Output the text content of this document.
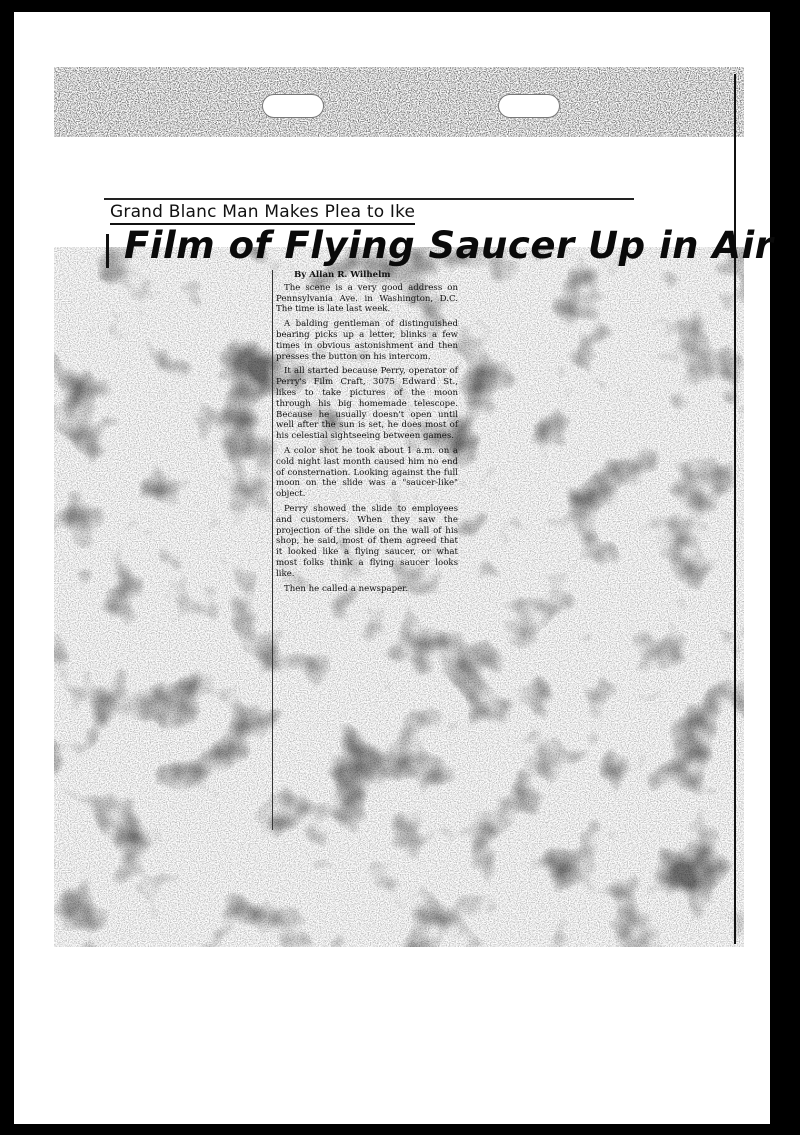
Grand Blanc Man Makes Plea to Ike
Film of Flying Saucer Up in Air

By Allan R. Wilhelm

The scene is a very good address on Pennsylvania Ave. in Washington, D.C. The time is late last week.

A balding gentleman of distinguished bearing picks up a letter, blinks a few times in obvious astonishment and then presses the button on his intercom.

It all started because Perry, operator of Perry's Film Craft, 3075 Edward St., likes to take pictures of the moon through his big homemade telescope. Because he usually doesn't open until well after the sun is set, he does most of his celestial sightseeing between games.

A color shot he took about 1 a.m. on a cold night last month caused him no end of consternation. Looking against the full moon on the slide was a "saucer-like" object.

Perry showed the slide to employees and customers. When they saw the projection of the slide on the wall of his shop, he said, most of them agreed that it looked like a flying saucer, or what most folks think a flying saucer looks like.

Then he called a newspaper.
